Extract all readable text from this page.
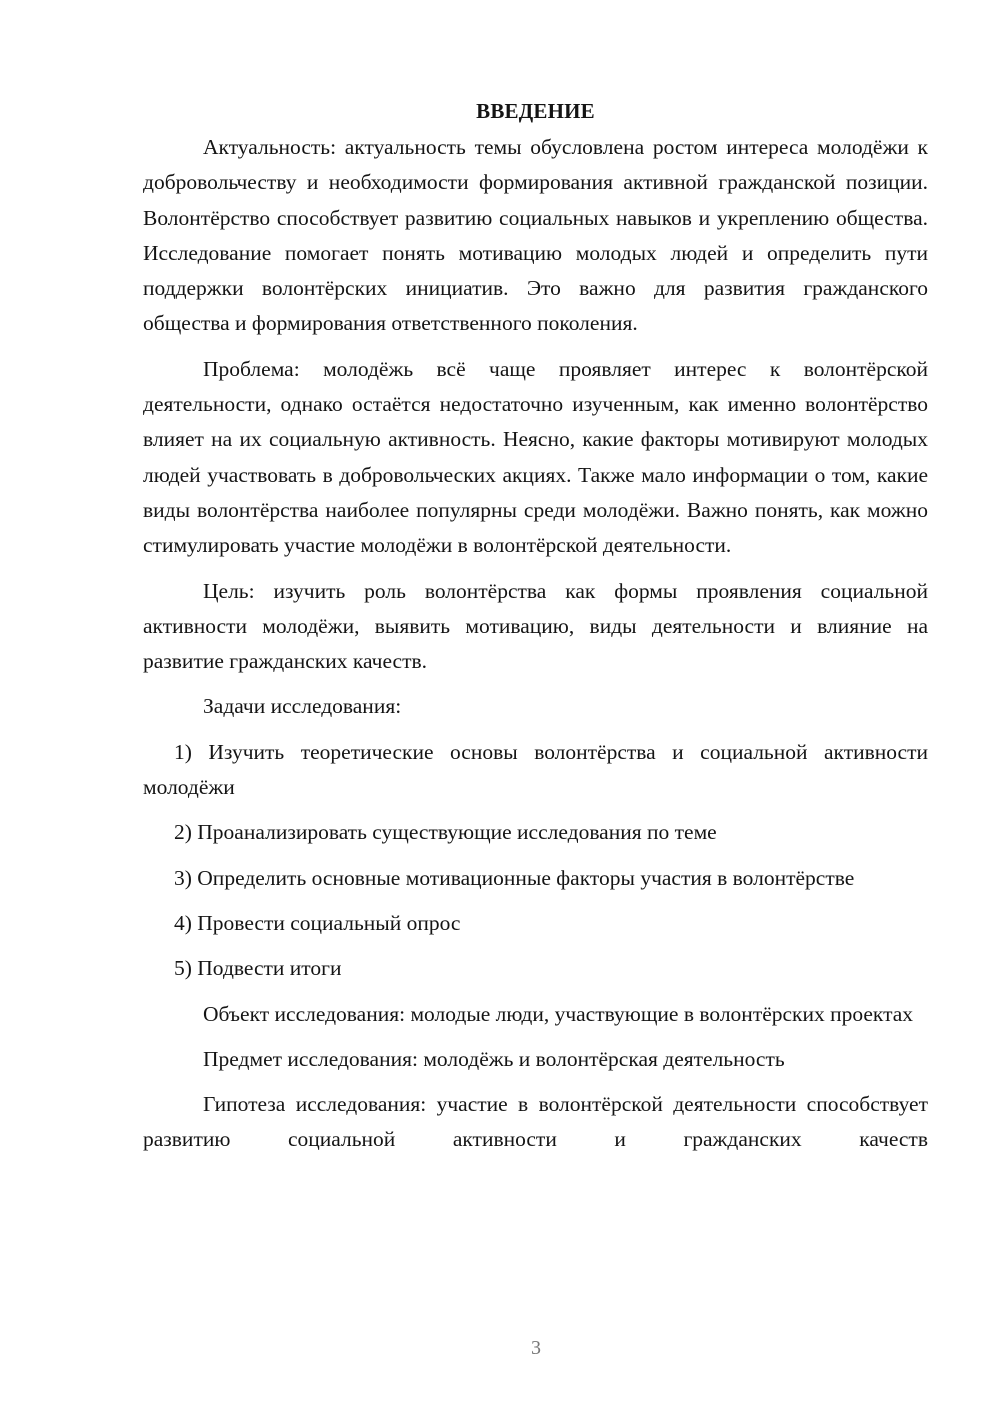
ВВЕДЕНИЕ

Актуальность: актуальность темы обусловлена ростом интереса молодёжи к добровольчеству и необходимости формирования активной гражданской позиции. Волонтёрство способствует развитию социальных навыков и укреплению общества. Исследование помогает понять мотивацию молодых людей и определить пути поддержки волонтёрских инициатив. Это важно для развития гражданского общества и формирования ответственного поколения.

Проблема: молодёжь всё чаще проявляет интерес к волонтёрской деятельности, однако остаётся недостаточно изученным, как именно волонтёрство влияет на их социальную активность. Неясно, какие факторы мотивируют молодых людей участвовать в добровольческих акциях. Также мало информации о том, какие виды волонтёрства наиболее популярны среди молодёжи. Важно понять, как можно стимулировать участие молодёжи в волонтёрской деятельности.

Цель: изучить роль волонтёрства как формы проявления социальной активности молодёжи, выявить мотивацию, виды деятельности и влияние на развитие гражданских качеств.

Задачи исследования:

1) Изучить теоретические основы волонтёрства и социальной активности молодёжи

2) Проанализировать существующие исследования по теме

3) Определить основные мотивационные факторы участия в волонтёрстве

4) Провести социальный опрос

5) Подвести итоги

Объект исследования: молодые люди, участвующие в волонтёрских проектах

Предмет исследования: молодёжь и волонтёрская деятельность

Гипотеза исследования: участие в волонтёрской деятельности способствует развитию социальной активности и гражданских качеств

3
